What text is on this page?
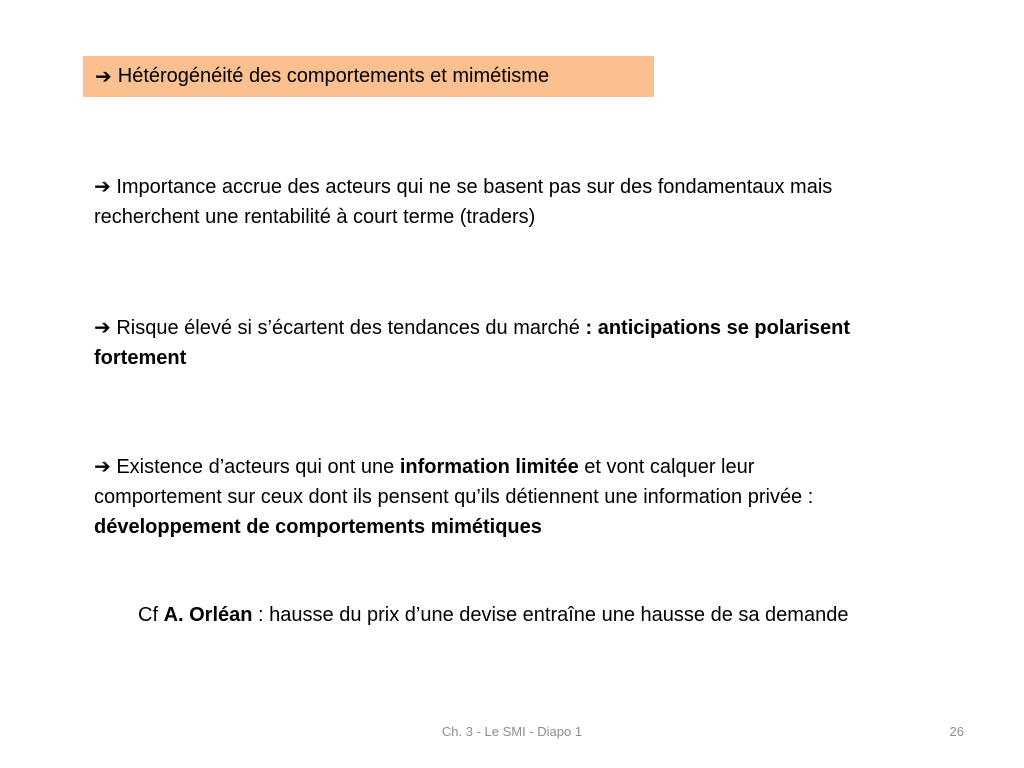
➔ Hétérogénéité des comportements et mimétisme
➔ Importance accrue des acteurs qui ne se basent pas sur des fondamentaux mais recherchent une rentabilité à court terme (traders)
➔ Risque élevé si s’écartent des tendances du marché : anticipations se polarisent fortement
➔ Existence d’acteurs qui ont une information limitée et vont calquer leur comportement sur ceux dont ils pensent qu’ils détiennent une information privée : développement de comportements mimétiques
Cf A. Orléan : hausse du prix d’une devise entraîne une hausse de sa demande
Ch. 3 - Le SMI - Diapo 1	26
